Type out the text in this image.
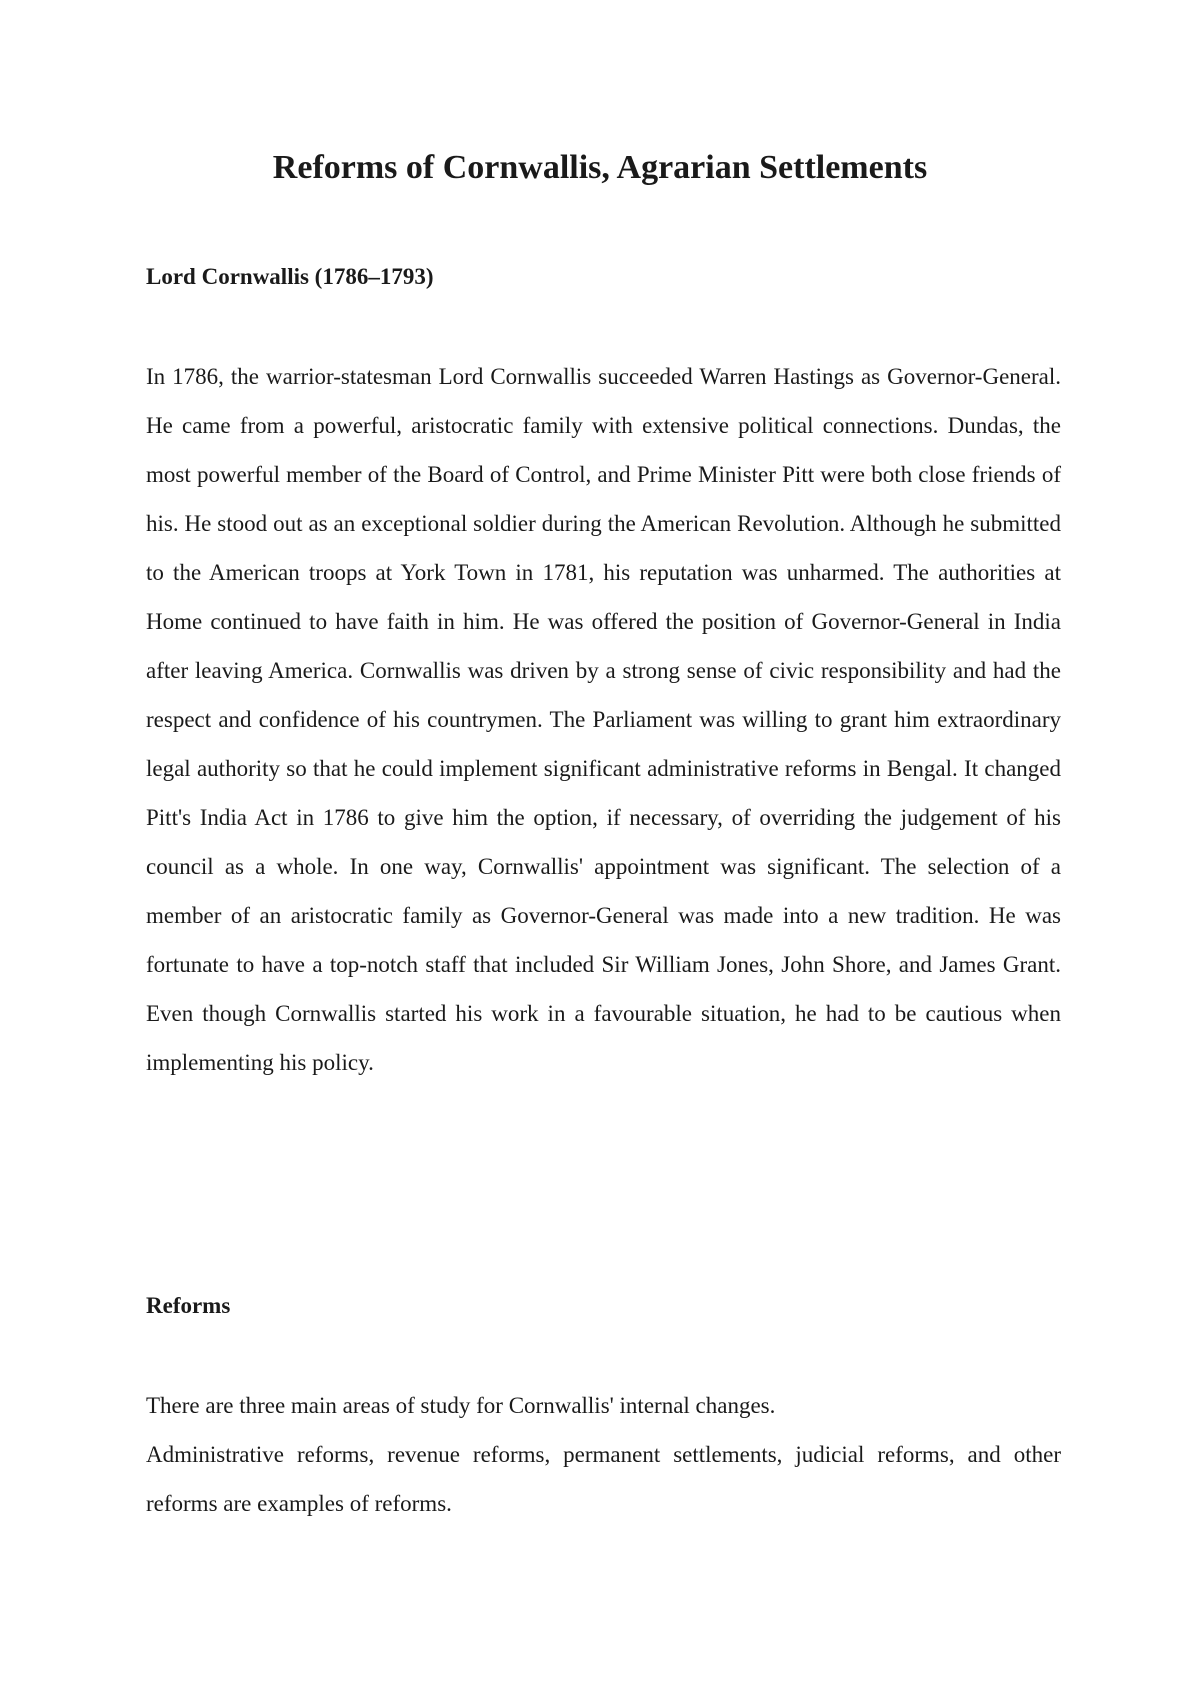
Reforms of Cornwallis, Agrarian Settlements
Lord Cornwallis (1786–1793)

In 1786, the warrior-statesman Lord Cornwallis succeeded Warren Hastings as Governor-General. He came from a powerful, aristocratic family with extensive political connections. Dundas, the most powerful member of the Board of Control, and Prime Minister Pitt were both close friends of his. He stood out as an exceptional soldier during the American Revolution. Although he submitted to the American troops at York Town in 1781, his reputation was unharmed. The authorities at Home continued to have faith in him. He was offered the position of Governor-General in India after leaving America. Cornwallis was driven by a strong sense of civic responsibility and had the respect and confidence of his countrymen. The Parliament was willing to grant him extraordinary legal authority so that he could implement significant administrative reforms in Bengal. It changed Pitt's India Act in 1786 to give him the option, if necessary, of overriding the judgement of his council as a whole. In one way, Cornwallis' appointment was significant. The selection of a member of an aristocratic family as Governor-General was made into a new tradition. He was fortunate to have a top-notch staff that included Sir William Jones, John Shore, and James Grant. Even though Cornwallis started his work in a favourable situation, he had to be cautious when implementing his policy.

Reforms

There are three main areas of study for Cornwallis' internal changes.

Administrative reforms, revenue reforms, permanent settlements, judicial reforms, and other reforms are examples of reforms.
